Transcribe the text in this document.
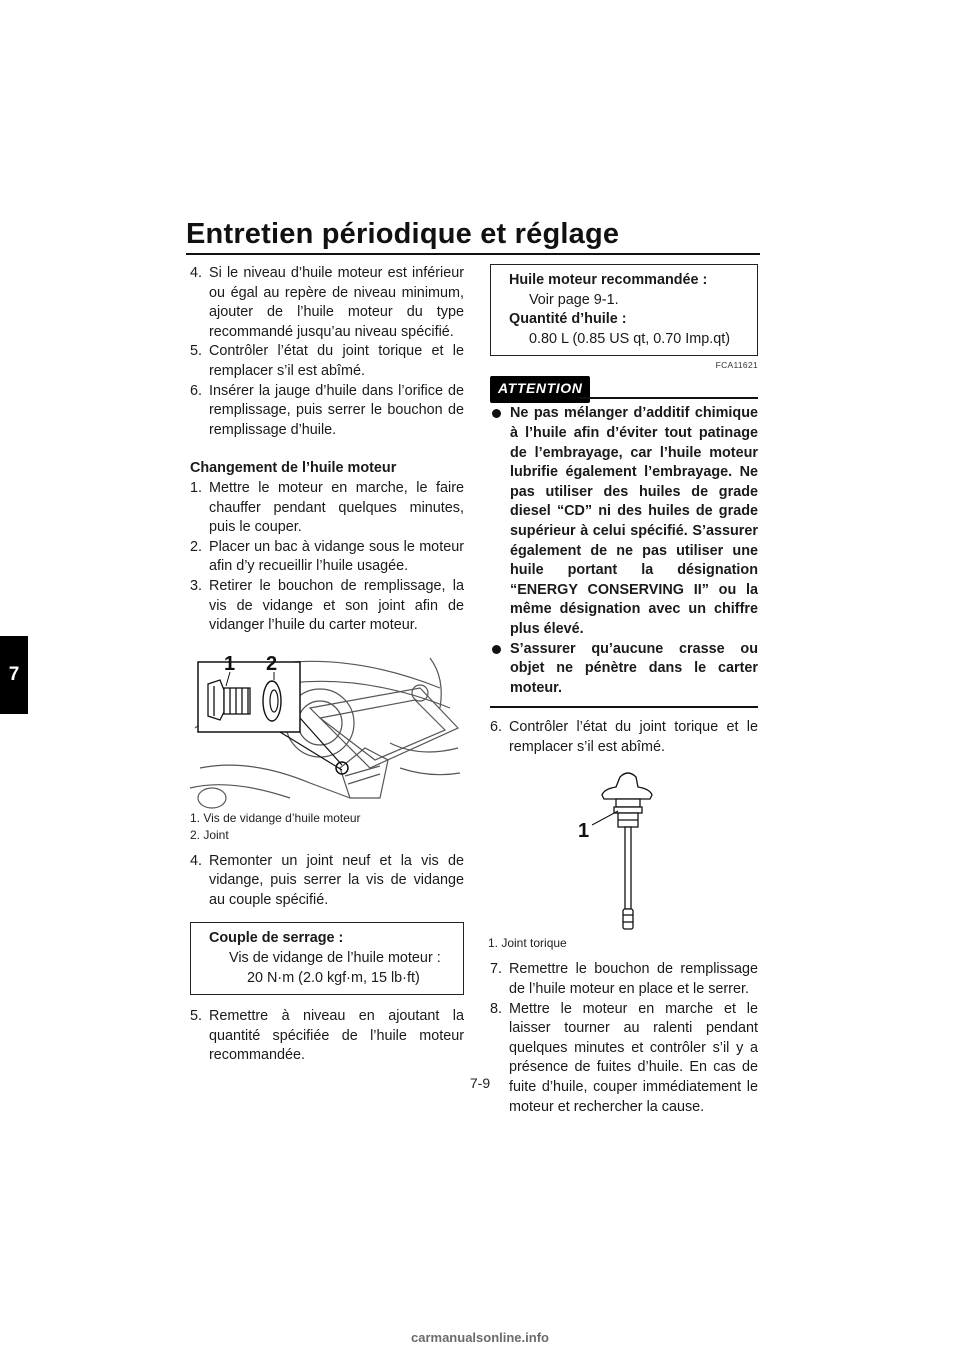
Entretien périodique et réglage
7
4. Si le niveau d’huile moteur est inférieur ou égal au repère de niveau minimum, ajouter de l’huile moteur du type recommandé jusqu’au niveau spécifié.
5. Contrôler l’état du joint torique et le remplacer s’il est abîmé.
6. Insérer la jauge d’huile dans l’orifice de remplissage, puis serrer le bouchon de remplissage d’huile.
Changement de l’huile moteur
1. Mettre le moteur en marche, le faire chauffer pendant quelques minutes, puis le couper.
2. Placer un bac à vidange sous le moteur afin d’y recueillir l’huile usagée.
3. Retirer le bouchon de remplissage, la vis de vidange et son joint afin de vidanger l’huile du carter moteur.
1 2
1. Vis de vidange d’huile moteur
2. Joint
4. Remonter un joint neuf et la vis de vidange, puis serrer la vis de vidange au couple spécifié.
Couple de serrage :
Vis de vidange de l’huile moteur :
20 N·m (2.0 kgf·m, 15 lb·ft)
5. Remettre à niveau en ajoutant la quantité spécifiée de l’huile moteur recommandée.
Huile moteur recommandée :
Voir page 9-1.
Quantité d’huile :
0.80 L (0.85 US qt, 0.70 Imp.qt)
FCA11621
ATTENTION
Ne pas mélanger d’additif chimique à l’huile afin d’éviter tout patinage de l’embrayage, car l’huile moteur lubrifie également l’embrayage. Ne pas utiliser des huiles de grade diesel “CD” ni des huiles de grade supérieur à celui spécifié. S’assurer également de ne pas utiliser une huile portant la désignation “ENERGY CONSERVING II” ou la même désignation avec un chiffre plus élevé.
S’assurer qu’aucune crasse ou objet ne pénètre dans le carter moteur.
6. Contrôler l’état du joint torique et le remplacer s’il est abîmé.
1
1. Joint torique
7. Remettre le bouchon de remplissage de l’huile moteur en place et le serrer.
8. Mettre le moteur en marche et le laisser tourner au ralenti pendant quelques minutes et contrôler s’il y a présence de fuites d’huile. En cas de fuite d’huile, couper immédiatement le moteur et rechercher la cause.
7-9
carmanualsonline.info
